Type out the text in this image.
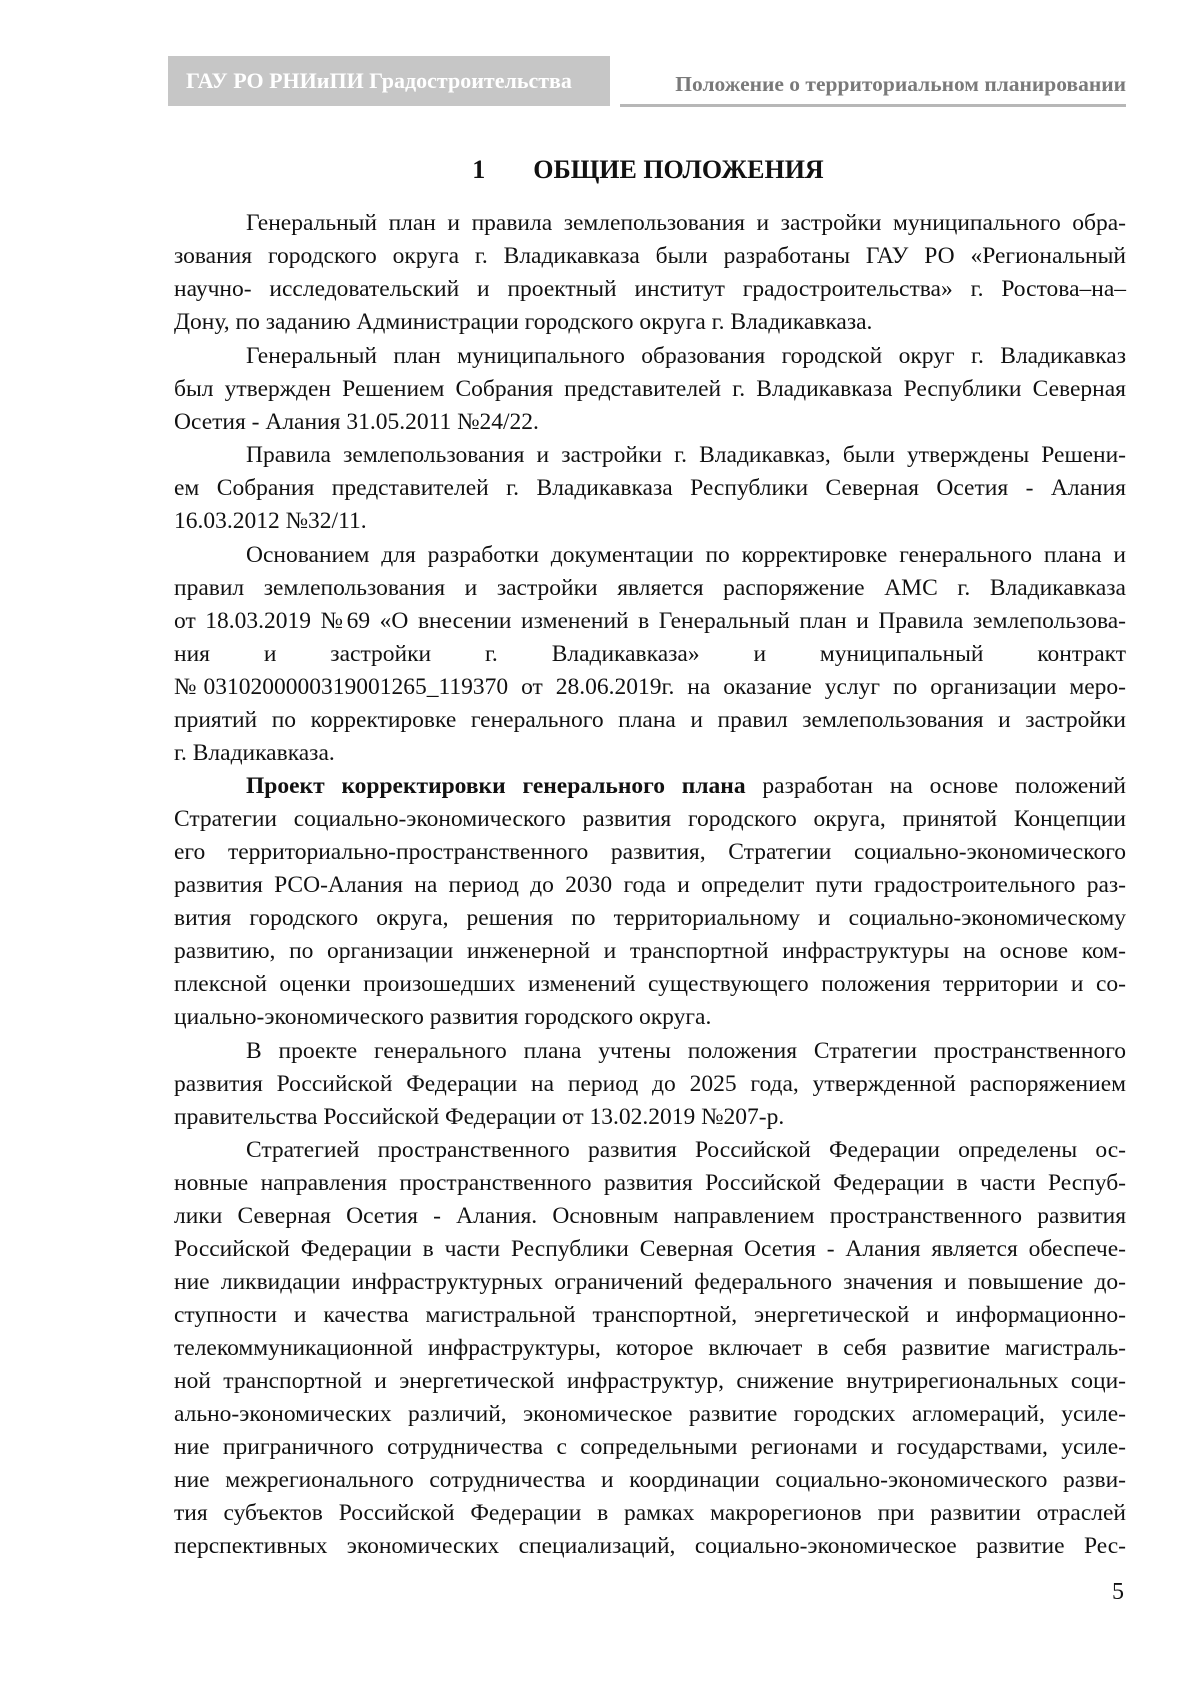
ГАУ РО РНИиПИ Градостроительства	Положение о территориальном планировании
1 ОБЩИЕ ПОЛОЖЕНИЯ
Генеральный план и правила землепользования и застройки муниципального обра-
зования городского округа г. Владикавказа были разработаны ГАУ РО «Региональный
научно- исследовательский и проектный институт градостроительства» г. Ростова–на–
Дону, по заданию Администрации городского округа г. Владикавказа.
Генеральный план муниципального образования городской округ г. Владикавказ
был утвержден Решением Собрания представителей г. Владикавказа Республики Северная
Осетия - Алания 31.05.2011 №24/22.
Правила землепользования и застройки г. Владикавказ, были утверждены Решени-
ем Собрания представителей г. Владикавказа Республики Северная Осетия - Алания
16.03.2012 №32/11.
Основанием для разработки документации по корректировке генерального плана и
правил землепользования и застройки является распоряжение АМС г. Владикавказа
от 18.03.2019 №69 «О внесении изменений в Генеральный план и Правила землепользова-
ния и застройки г. Владикавказа» и муниципальный контракт
№0310200000319001265_119370 от 28.06.2019г. на оказание услуг по организации меро-
приятий по корректировке генерального плана и правил землепользования и застройки
г. Владикавказа.
Проект корректировки генерального плана разработан на основе положений
Стратегии социально-экономического развития городского округа, принятой Концепции
его территориально-пространственного развития, Стратегии социально-экономического
развития РСО-Алания на период до 2030 года и определит пути градостроительного раз-
вития городского округа, решения по территориальному и социально-экономическому
развитию, по организации инженерной и транспортной инфраструктуры на основе ком-
плексной оценки произошедших изменений существующего положения территории и со-
циально-экономического развития городского округа.
В проекте генерального плана учтены положения Стратегии пространственного
развития Российской Федерации на период до 2025 года, утвержденной распоряжением
правительства Российской Федерации от 13.02.2019 №207-р.
Стратегией пространственного развития Российской Федерации определены ос-
новные направления пространственного развития Российской Федерации в части Респуб-
лики Северная Осетия - Алания. Основным направлением пространственного развития
Российской Федерации в части Республики Северная Осетия - Алания является обеспече-
ние ликвидации инфраструктурных ограничений федерального значения и повышение до-
ступности и качества магистральной транспортной, энергетической и информационно-
телекоммуникационной инфраструктуры, которое включает в себя развитие магистраль-
ной транспортной и энергетической инфраструктур, снижение внутрирегиональных соци-
ально-экономических различий, экономическое развитие городских агломераций, усиле-
ние приграничного сотрудничества с сопредельными регионами и государствами, усиле-
ние межрегионального сотрудничества и координации социально-экономического разви-
тия субъектов Российской Федерации в рамках макрорегионов при развитии отраслей
перспективных экономических специализаций, социально-экономическое развитие Рес-
5
